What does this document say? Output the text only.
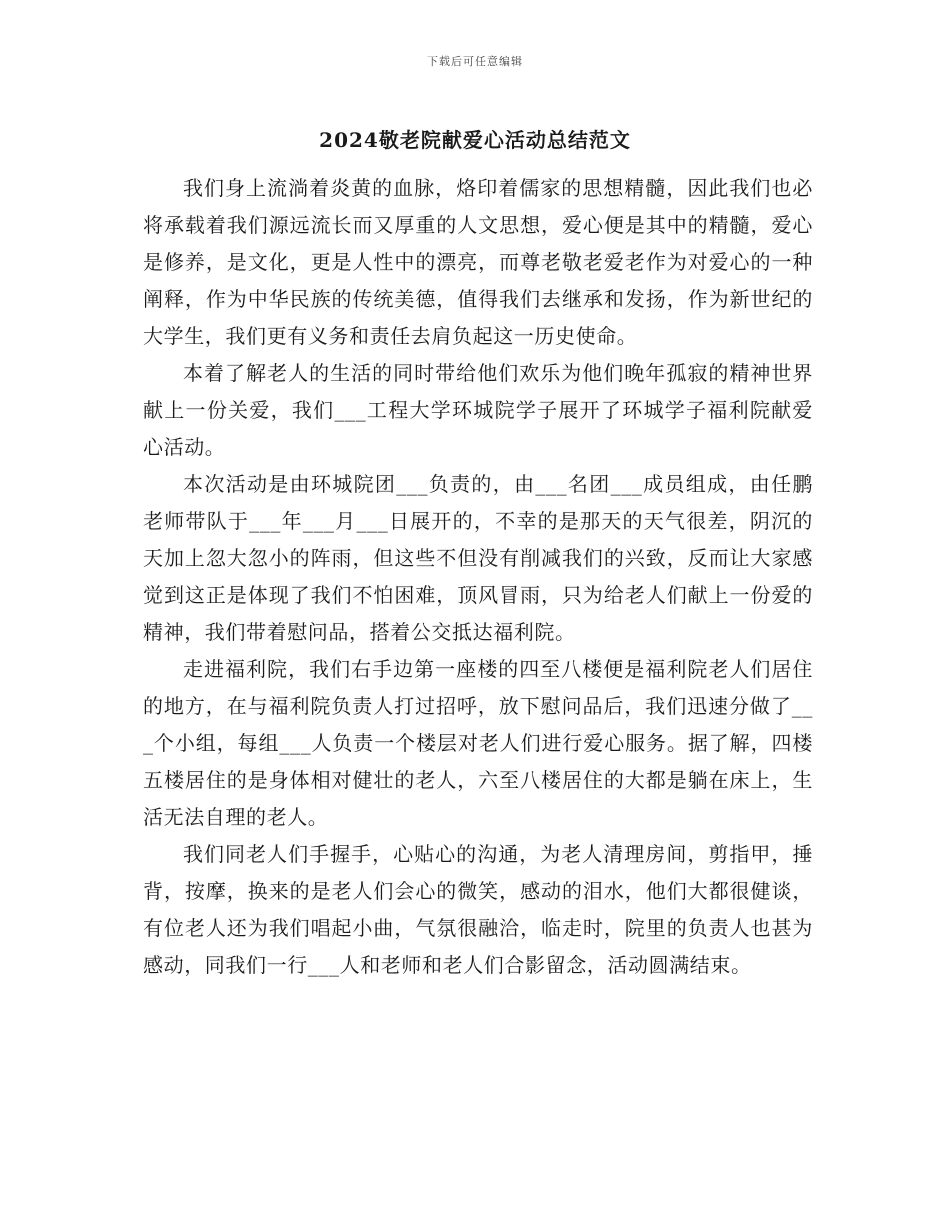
下载后可任意编辑
2024敬老院献爱心活动总结范文

我们身上流淌着炎黄的血脉，烙印着儒家的思想精髓，因此我们也必将承载着我们源远流长而又厚重的人文思想，爱心便是其中的精髓，爱心是修养，是文化，更是人性中的漂亮，而尊老敬老爱老作为对爱心的一种阐释，作为中华民族的传统美德，值得我们去继承和发扬，作为新世纪的大学生，我们更有义务和责任去肩负起这一历史使命。

本着了解老人的生活的同时带给他们欢乐为他们晚年孤寂的精神世界献上一份关爱，我们___工程大学环城院学子展开了环城学子福利院献爱心活动。

本次活动是由环城院团___负责的，由___名团___成员组成，由任鹏老师带队于___年___月___日展开的，不幸的是那天的天气很差，阴沉的天加上忽大忽小的阵雨，但这些不但没有削减我们的兴致，反而让大家感觉到这正是体现了我们不怕困难，顶风冒雨，只为给老人们献上一份爱的精神，我们带着慰问品，搭着公交抵达福利院。

走进福利院，我们右手边第一座楼的四至八楼便是福利院老人们居住的地方，在与福利院负责人打过招呼，放下慰问品后，我们迅速分做了___个小组，每组___人负责一个楼层对老人们进行爱心服务。据了解，四楼五楼居住的是身体相对健壮的老人，六至八楼居住的大都是躺在床上，生活无法自理的老人。

我们同老人们手握手，心贴心的沟通，为老人清理房间，剪指甲，捶背，按摩，换来的是老人们会心的微笑，感动的泪水，他们大都很健谈，有位老人还为我们唱起小曲，气氛很融洽，临走时，院里的负责人也甚为感动，同我们一行___人和老师和老人们合影留念，活动圆满结束。
